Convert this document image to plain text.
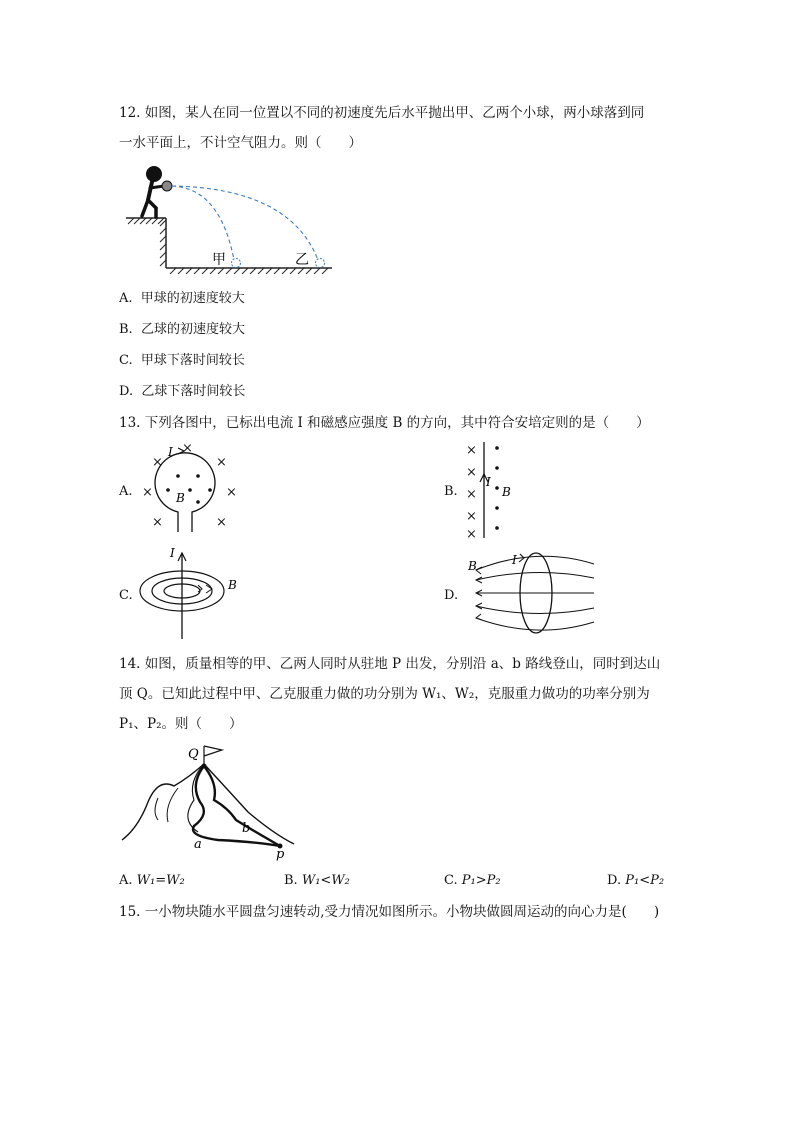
12. 如图，某人在同一位置以不同的初速度先后水平抛出甲、乙两个小球，两小球落到同
一水平面上，不计空气阻力。则（　　）
甲	乙
A. 甲球的初速度较大
B. 乙球的初速度较大
C. 甲球下落时间较长
D. 乙球下落时间较长
13. 下列各图中，已标出电流 I 和磁感应强度 B 的方向，其中符合安培定则的是（　　）
A.
I
B
×
×
×
×	×
×	×
B.
I
B
×
×
×
×
×
C.
I
B
D.
I
B
14. 如图，质量相等的甲、乙两人同时从驻地 P 出发，分别沿 a、b 路线登山，同时到达山
顶 Q。已知此过程中甲、乙克服重力做的功分别为 W₁、W₂，克服重力做功的功率分别为
P₁、P₂。则（　　）
Q
a
b
p
A. W₁=W₂	B. W₁<W₂	C. P₁>P₂	D. P₁<P₂
15. 一小物块随水平圆盘匀速转动,受力情况如图所示。小物块做圆周运动的向心力是(　　)
